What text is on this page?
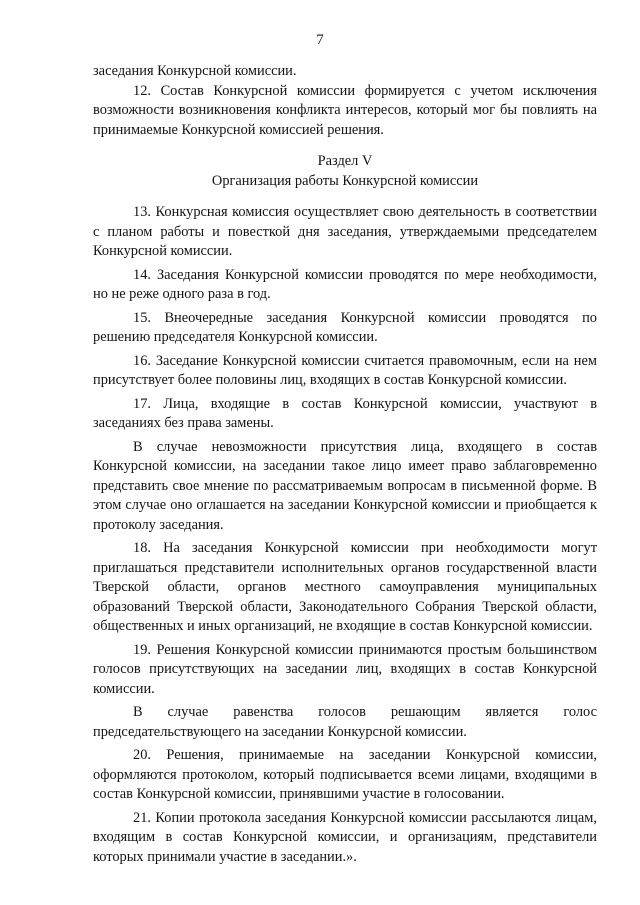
7

заседания Конкурсной комиссии.

12. Состав Конкурсной комиссии формируется с учетом исключения возможности возникновения конфликта интересов, который мог бы повлиять на принимаемые Конкурсной комиссией решения.

Раздел V

Организация работы Конкурсной комиссии

13. Конкурсная комиссия осуществляет свою деятельность в соответствии с планом работы и повесткой дня заседания, утверждаемыми председателем Конкурсной комиссии.

14. Заседания Конкурсной комиссии проводятся по мере необходимости, но не реже одного раза в год.

15. Внеочередные заседания Конкурсной комиссии проводятся по решению председателя Конкурсной комиссии.

16. Заседание Конкурсной комиссии считается правомочным, если на нем присутствует более половины лиц, входящих в состав Конкурсной комиссии.

17. Лица, входящие в состав Конкурсной комиссии, участвуют в заседаниях без права замены.

В случае невозможности присутствия лица, входящего в состав Конкурсной комиссии, на заседании такое лицо имеет право заблаговременно представить свое мнение по рассматриваемым вопросам в письменной форме. В этом случае оно оглашается на заседании Конкурсной комиссии и приобщается к протоколу заседания.

18. На заседания Конкурсной комиссии при необходимости могут приглашаться представители исполнительных органов государственной власти Тверской области, органов местного самоуправления муниципальных образований Тверской области, Законодательного Собрания Тверской области, общественных и иных организаций, не входящие в состав Конкурсной комиссии.

19. Решения Конкурсной комиссии принимаются простым большинством голосов присутствующих на заседании лиц, входящих в состав Конкурсной комиссии.

В случае равенства голосов решающим является голос председательствующего на заседании Конкурсной комиссии.

20. Решения, принимаемые на заседании Конкурсной комиссии, оформляются протоколом, который подписывается всеми лицами, входящими в состав Конкурсной комиссии, принявшими участие в голосовании.

21. Копии протокола заседания Конкурсной комиссии рассылаются лицам, входящим в состав Конкурсной комиссии, и организациям, представители которых принимали участие в заседании.».
